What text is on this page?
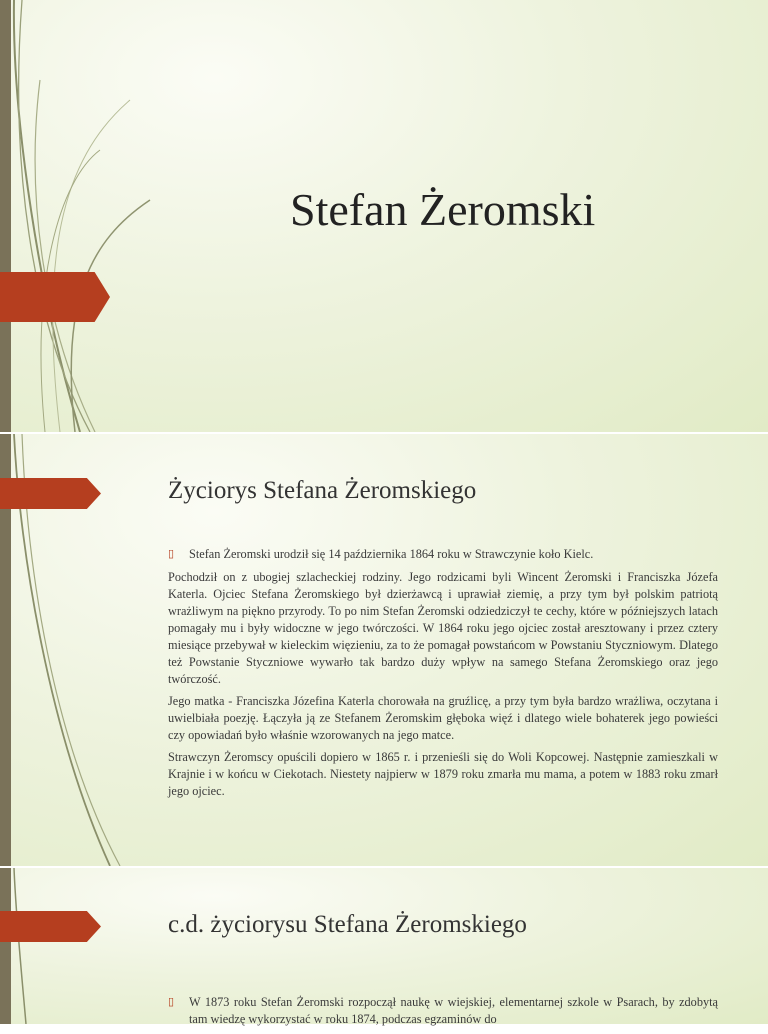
Stefan Żeromski
Życiorys Stefana Żeromskiego

▯ Stefan Żeromski urodził się 14 października 1864 roku w Strawczynie koło Kielc.

Pochodził on z ubogiej szlacheckiej rodziny. Jego rodzicami byli Wincent Żeromski i Franciszka Józefa Katerla. Ojciec Stefana Żeromskiego był dzierżawcą i uprawiał ziemię, a przy tym był polskim patriotą wrażliwym na piękno przyrody. To po nim Stefan Żeromski odziedziczył te cechy, które w późniejszych latach pomagały mu i były widoczne w jego twórczości. W 1864 roku jego ojciec został aresztowany i przez cztery miesiące przebywał w kieleckim więzieniu, za to że pomagał powstańcom w Powstaniu Styczniowym. Dlatego też Powstanie Styczniowe wywarło tak bardzo duży wpływ na samego Stefana Żeromskiego oraz jego twórczość.

Jego matka - Franciszka Józefina Katerla chorowała na gruźlicę, a przy tym była bardzo wrażliwa, oczytana i uwielbiała poezję. Łączyła ją ze Stefanem Żeromskim głęboka więź i dlatego wiele bohaterek jego powieści czy opowiadań było właśnie wzorowanych na jego matce.

Strawczyn Żeromscy opuścili dopiero w 1865 r. i przenieśli się do Woli Kopcowej. Następnie zamieszkali w Krajnie i w końcu w Ciekotach. Niestety najpierw w 1879 roku zmarła mu mama, a potem w 1883 roku zmarł jego ojciec.

c.d. życiorysu Stefana Żeromskiego

▯ W 1873 roku Stefan Żeromski rozpoczął naukę w wiejskiej, elementarnej szkole w Psarach, by zdobytą tam wiedzę wykorzystać w roku 1874, podczas egzaminów do
